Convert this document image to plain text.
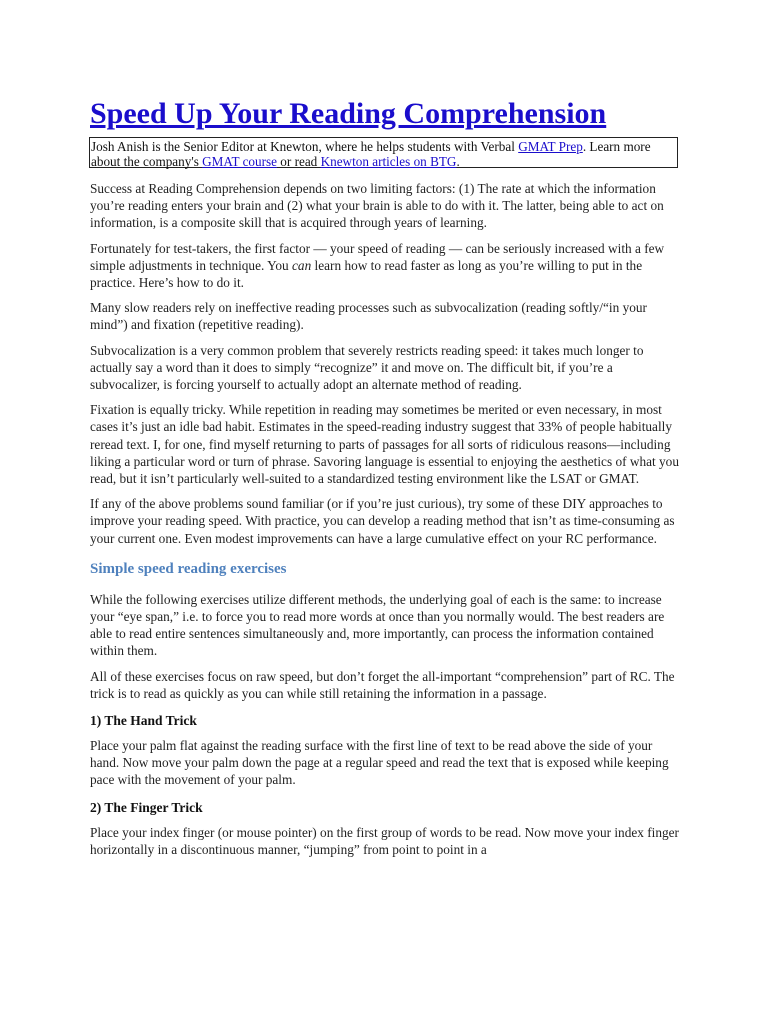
Speed Up Your Reading Comprehension
Josh Anish is the Senior Editor at Knewton, where he helps students with Verbal GMAT Prep. Learn more about the company's GMAT course or read Knewton articles on BTG.

Success at Reading Comprehension depends on two limiting factors: (1) The rate at which the information you’re reading enters your brain and (2) what your brain is able to do with it. The latter, being able to act on information, is a composite skill that is acquired through years of learning.

Fortunately for test-takers, the first factor — your speed of reading — can be seriously increased with a few simple adjustments in technique. You can learn how to read faster as long as you’re willing to put in the practice. Here’s how to do it.

Many slow readers rely on ineffective reading processes such as subvocalization (reading softly/“in your mind”) and fixation (repetitive reading).

Subvocalization is a very common problem that severely restricts reading speed: it takes much longer to actually say a word than it does to simply “recognize” it and move on. The difficult bit, if you’re a subvocalizer, is forcing yourself to actually adopt an alternate method of reading.

Fixation is equally tricky. While repetition in reading may sometimes be merited or even necessary, in most cases it’s just an idle bad habit. Estimates in the speed-reading industry suggest that 33% of people habitually reread text. I, for one, find myself returning to parts of passages for all sorts of ridiculous reasons—including liking a particular word or turn of phrase. Savoring language is essential to enjoying the aesthetics of what you read, but it isn’t particularly well-suited to a standardized testing environment like the LSAT or GMAT.

If any of the above problems sound familiar (or if you’re just curious), try some of these DIY approaches to improve your reading speed. With practice, you can develop a reading method that isn’t as time-consuming as your current one. Even modest improvements can have a large cumulative effect on your RC performance.

Simple speed reading exercises

While the following exercises utilize different methods, the underlying goal of each is the same: to increase your “eye span,” i.e. to force you to read more words at once than you normally would. The best readers are able to read entire sentences simultaneously and, more importantly, can process the information contained within them.

All of these exercises focus on raw speed, but don’t forget the all-important “comprehension” part of RC. The trick is to read as quickly as you can while still retaining the information in a passage.

1) The Hand Trick

Place your palm flat against the reading surface with the first line of text to be read above the side of your hand. Now move your palm down the page at a regular speed and read the text that is exposed while keeping pace with the movement of your palm.

2) The Finger Trick

Place your index finger (or mouse pointer) on the first group of words to be read. Now move your index finger horizontally in a discontinuous manner, “jumping” from point to point in a
